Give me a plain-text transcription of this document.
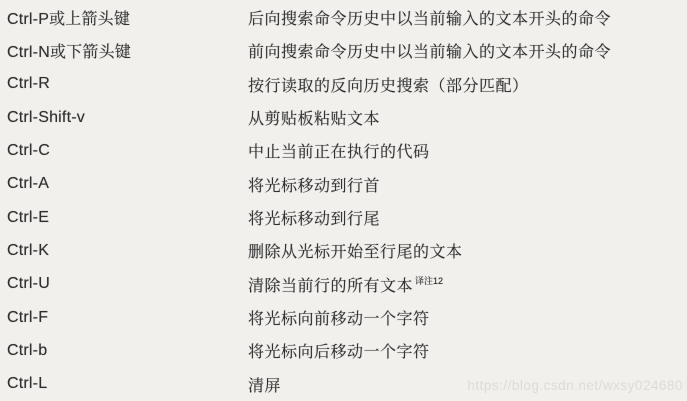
Ctrl-P或上箭头键	后向搜索命令历史中以当前输入的文本开头的命令
Ctrl-N或下箭头键	前向搜索命令历史中以当前输入的文本开头的命令
Ctrl-R	按行读取的反向历史搜索（部分匹配）
Ctrl-Shift-v	从剪贴板粘贴文本
Ctrl-C	中止当前正在执行的代码
Ctrl-A	将光标移动到行首
Ctrl-E	将光标移动到行尾
Ctrl-K	删除从光标开始至行尾的文本
Ctrl-U	清除当前行的所有文本 $^{译注12}$
Ctrl-F	将光标向前移动一个字符
Ctrl-b	将光标向后移动一个字符
Ctrl-L	清屏	https://blog.csdn.net/wxsy024680
